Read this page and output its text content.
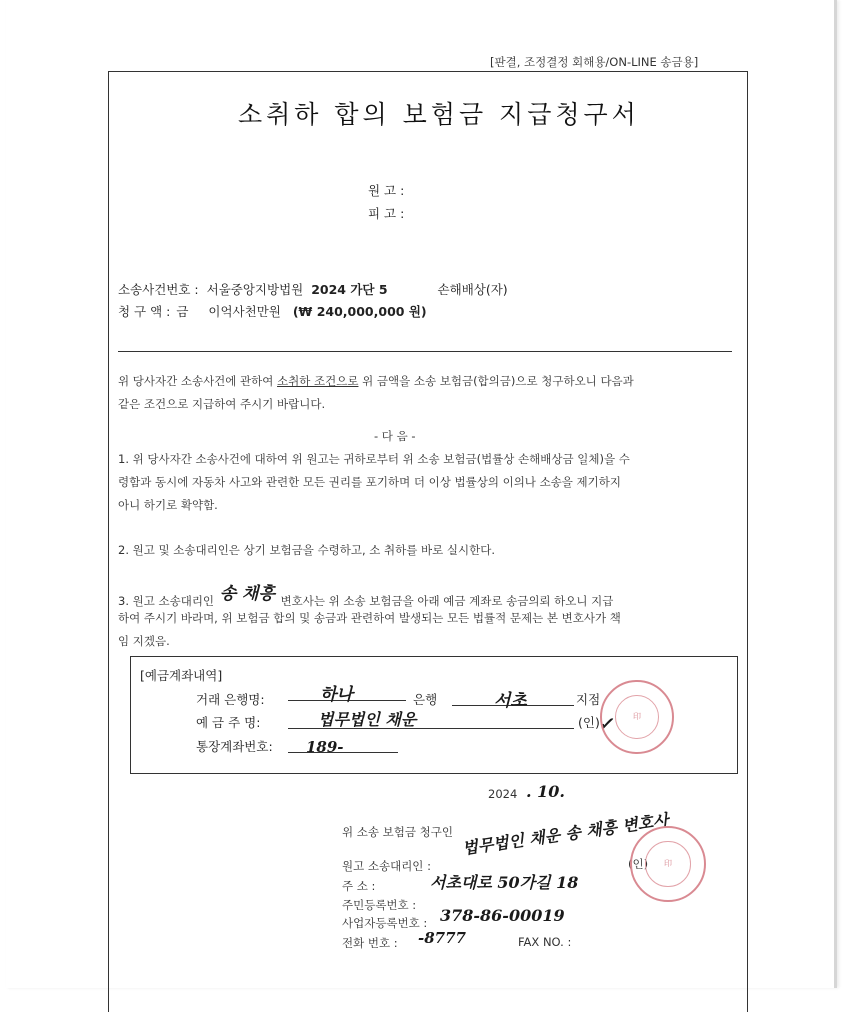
[판결, 조정결정 회해용/ON-LINE 송금용]
소취하 합의 보험금 지급청구서
원 고 :
피 고 :
소송사건번호 : 서울중앙지방법원 2024 가단 5	손해배상(자)
청 구 액 : 금 이억사천만원 (₩ 240,000,000 원)
위 당사자간 소송사건에 관하여 소취하 조건으로 위 금액을 소송 보험금(합의금)으로 청구하오니 다음과
같은 조건으로 지급하여 주시기 바랍니다.
- 다 음 -
1. 위 당사자간 소송사건에 대하여 위 원고는 귀하로부터 위 소송 보험금(법률상 손해배상금 일체)을 수
령함과 동시에 자동차 사고와 관련한 모든 권리를 포기하며 더 이상 법률상의 이의나 소송을 제기하지
아니 하기로 확약함.
2. 원고 및 소송대리인은 상기 보험금을 수령하고, 소 취하를 바로 실시한다.
3. 원고 소송대리인 송 채흥 변호사는 위 소송 보험금을 아래 예금 계좌로 송금의뢰 하오니 지급
하여 주시기 바라며, 위 보험금 합의 및 송금과 관련하여 발생되는 모든 법률적 문제는 본 변호사가 책
임 지겠음.
[예금계좌내역]
거래 은행명:	하나	은행	서초	지점
예 금 주 명:	법무법인 채운	(인)
✓
통장계좌번호: 189-
印
2024 . 10.
위 소송 보험금 청구인
원고 소송대리인 :
법무법인 채운 송 채흥 변호사
(인)	印
주 소 :	서초대로 50가길 18
주민등록번호 :
사업자등록번호 : 378-86-00019
전화 번호 : -8777	FAX NO. :
